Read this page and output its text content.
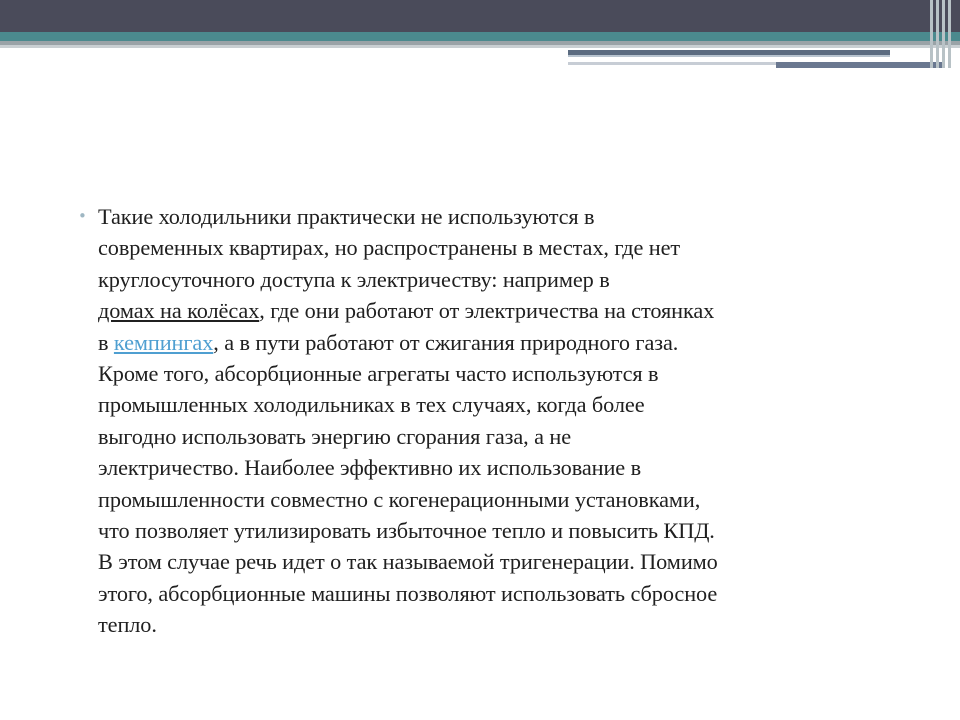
• Такие холодильники практически не используются в
современных квартирах, но распространены в местах, где нет
круглосуточного доступа к электричеству: например в
домах на колёсах, где они работают от электричества на стоянках
в кемпингах, а в пути работают от сжигания природного газа.
Кроме того, абсорбционные агрегаты часто используются в
промышленных холодильниках в тех случаях, когда более
выгодно использовать энергию сгорания газа, а не
электричество. Наиболее эффективно их использование в
промышленности совместно с когенерационными установками,
что позволяет утилизировать избыточное тепло и повысить КПД.
В этом случае речь идет о так называемой тригенерации. Помимо
этого, абсорбционные машины позволяют использовать сбросное
тепло.
